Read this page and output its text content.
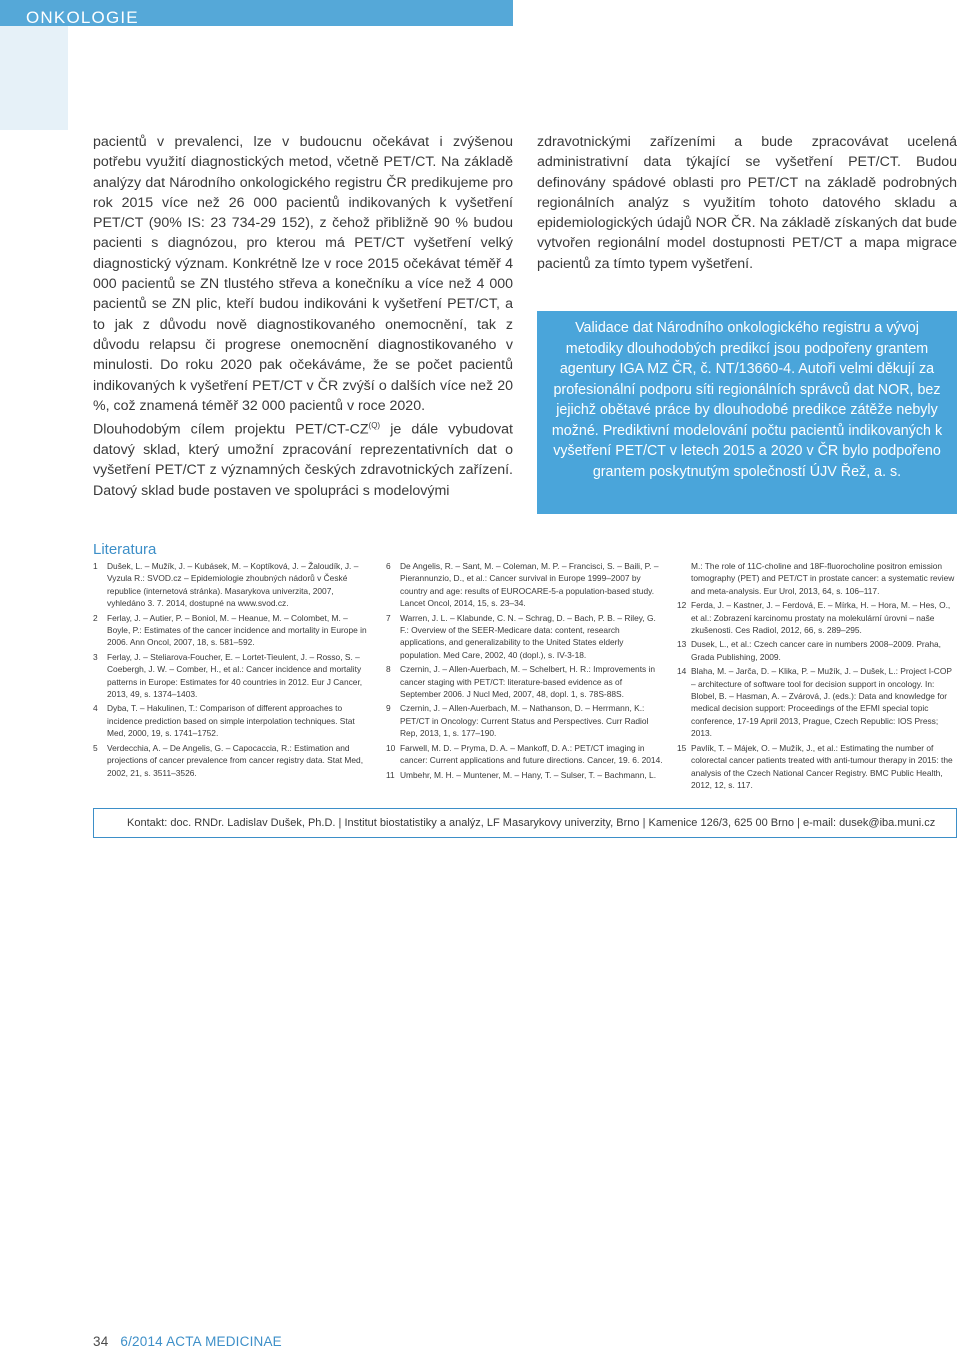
ONKOLOGIE

pacientů v prevalenci, lze v budoucnu očekávat i zvýšenou potřebu využití diagnostických metod, včetně PET/CT. Na základě analýzy dat Národního onkologického registru ČR predikujeme pro rok 2015 více než 26 000 pacientů indikovaných k vyšetření PET/CT (90% IS: 23 734-29 152), z čehož přibližně 90 % budou pacienti s diagnózou, pro kterou má PET/CT vyšetření velký diagnostický význam. Konkrétně lze v roce 2015 očekávat téměř 4 000 pacientů se ZN tlustého střeva a konečníku a více než 4 000 pacientů se ZN plic, kteří budou indikováni k vyšetření PET/CT, a to jak z důvodu nově diagnostikovaného onemocnění, tak z důvodu relapsu či progrese onemocnění diagnostikovaného v minulosti. Do roku 2020 pak očekáváme, že se počet pacientů indikovaných k vyšetření PET/CT v ČR zvýší o dalších více než 20 %, což znamená téměř 32 000 pacientů v roce 2020.

Dlouhodobým cílem projektu PET/$CT-CZ^{(Q)}$ je dále vybudovat datový sklad, který umožní zpracování reprezentativních dat o vyšetření PET/CT z významných českých zdravotnických zařízení. Datový sklad bude postaven ve spolupráci s modelovými

zdravotnickými zařízeními a bude zpracovávat ucelená administrativní data týkající se vyšetření PET/CT. Budou definovány spádové oblasti pro PET/CT na základě podrobných regionálních analýz s využitím tohoto datového skladu a epidemiologických údajů NOR ČR. Na základě získaných dat bude vytvořen regionální model dostupnosti PET/CT a mapa migrace pacientů za tímto typem vyšetření.

Validace dat Národního onkologického registru a vývoj metodiky dlouhodobých predikcí jsou podpořeny grantem agentury IGA MZ ČR, č. NT/13660-4. Autoři velmi děkují za profesionální podporu síti regionálních správců dat NOR, bez jejichž obětavé práce by dlouhodobé predikce zátěže nebyly možné. Prediktivní modelování počtu pacientů indikovaných k vyšetření PET/CT v letech 2015 a 2020 v ČR bylo podpořeno grantem poskytnutým společností ÚJV Řež, a. s.
Literatura
1	Dušek, L. – Mužík, J. – Kubásek, M. – Koptíková, J. – Žaloudík, J. – Vyzula R.: SVOD.cz – Epidemiologie zhoubných nádorů v České republice (internetová stránka). Masarykova univerzita, 2007, vyhledáno 3. 7. 2014, dostupné na www.svod.cz.
2	Ferlay, J. – Autier, P. – Boniol, M. – Heanue, M. – Colombet, M. – Boyle, P.: Estimates of the cancer incidence and mortality in Europe in 2006. Ann Oncol, 2007, 18, s. 581–592.
3	Ferlay, J. – Steliarova-Foucher, E. – Lortet-Tieulent, J. – Rosso, S. – Coebergh, J. W. – Comber, H., et al.: Cancer incidence and mortality patterns in Europe: Estimates for 40 countries in 2012. Eur J Cancer, 2013, 49, s. 1374–1403.
4	Dyba, T. – Hakulinen, T.: Comparison of different approaches to incidence prediction based on simple interpolation techniques. Stat Med, 2000, 19, s. 1741–1752.
5	Verdecchia, A. – De Angelis, G. – Capocaccia, R.: Estimation and projections of cancer prevalence from cancer registry data. Stat Med, 2002, 21, s. 3511–3526.
6	De Angelis, R. – Sant, M. – Coleman, M. P. – Francisci, S. – Baili, P. – Pierannunzio, D., et al.: Cancer survival in Europe 1999–2007 by country and age: results of EUROCARE-5-a population-based study. Lancet Oncol, 2014, 15, s. 23–34.
7	Warren, J. L. – Klabunde, C. N. – Schrag, D. – Bach, P. B. – Riley, G. F.: Overview of the SEER-Medicare data: content, research applications, and generalizability to the United States elderly population. Med Care, 2002, 40 (dopl.), s. IV-3-18.
8	Czernin, J. – Allen-Auerbach, M. – Schelbert, H. R.: Improvements in cancer staging with PET/CT: literature-based evidence as of September 2006. J Nucl Med, 2007, 48, dopl. 1, s. 78S-88S.
9	Czernin, J. – Allen-Auerbach, M. – Nathanson, D. – Herrmann, K.: PET/CT in Oncology: Current Status and Perspectives. Curr Radiol Rep, 2013, 1, s. 177–190.
10 Farwell, M. D. – Pryma, D. A. – Mankoff, D. A.: PET/CT imaging in cancer: Current applications and future directions. Cancer, 19. 6. 2014.
11 Umbehr, M. H. – Muntener, M. – Hany, T. – Sulser, T. – Bachmann, L.
M.: The role of 11C-choline and 18F-fluorocholine positron emission tomography (PET) and PET/CT in prostate cancer: a systematic review and meta-analysis. Eur Urol, 2013, 64, s. 106–117.
12 Ferda, J. – Kastner, J. – Ferdová, E. – Mírka, H. – Hora, M. – Hes, O., et al.: Zobrazení karcinomu prostaty na molekulární úrovni – naše zkušenosti. Ces Radiol, 2012, 66, s. 289–295.
13 Dusek, L., et al.: Czech cancer care in numbers 2008–2009. Praha, Grada Publishing, 2009.
14 Blaha, M. – Jarča, D. – Klika, P. – Mužík, J. – Dušek, L.: Project I-COP – architecture of software tool for decision support in oncology. In: Blobel, B. – Hasman, A. – Zvárová, J. (eds.): Data and knowledge for medical decision support: Proceedings of the EFMI special topic conference, 17-19 April 2013, Prague, Czech Republic: IOS Press; 2013.
15 Pavlík, T. – Májek, O. – Mužík, J., et al.: Estimating the number of colorectal cancer patients treated with anti-tumour therapy in 2015: the analysis of the Czech National Cancer Registry. BMC Public Health, 2012, 12, s. 117.
Kontakt: doc. RNDr. Ladislav Dušek, Ph.D. | Institut biostatistiky a analýz, LF Masarykovy univerzity, Brno | Kamenice 126/3, 625 00 Brno | e-mail: dusek@iba.muni.cz
34 6/2014 ACTA MEDICINAE
